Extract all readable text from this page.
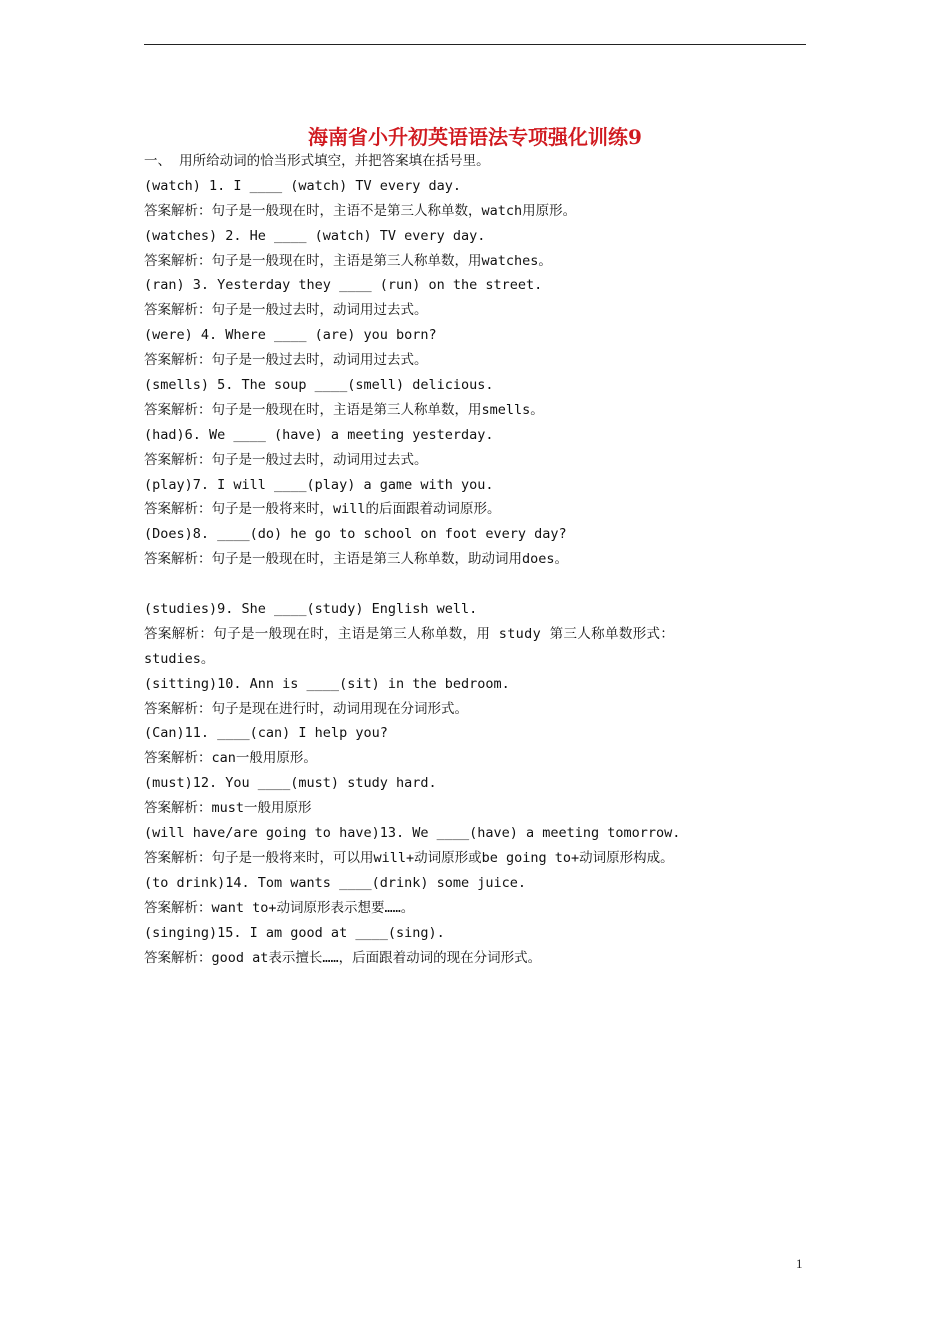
海南省小升初英语语法专项强化训练9
一、 用所给动词的恰当形式填空，并把答案填在括号里。
(watch) 1. I ____ (watch) TV every day.
答案解析：句子是一般现在时，主语不是第三人称单数，watch用原形。
(watches) 2. He ____ (watch) TV every day.
答案解析：句子是一般现在时，主语是第三人称单数，用watches。
(ran) 3. Yesterday they ____ (run) on the street.
答案解析：句子是一般过去时，动词用过去式。
(were) 4. Where ____ (are) you born?
答案解析：句子是一般过去时，动词用过去式。
(smells) 5. The soup ____(smell) delicious.
答案解析：句子是一般现在时，主语是第三人称单数，用smells。
(had)6. We ____ (have) a meeting yesterday.
答案解析：句子是一般过去时，动词用过去式。
(play)7. I will ____(play) a game with you.
答案解析：句子是一般将来时，will的后面跟着动词原形。
(Does)8. ____(do) he go to school on foot every day?
答案解析：句子是一般现在时，主语是第三人称单数，助动词用does。
(studies)9. She ____(study) English well.
答案解析：句子是一般现在时，主语是第三人称单数，用 study 第三人称单数形式：
studies。
(sitting)10. Ann is ____(sit) in the bedroom.
答案解析：句子是现在进行时，动词用现在分词形式。
(Can)11. ____(can) I help you?
答案解析：can一般用原形。
(must)12. You ____(must) study hard.
答案解析：must一般用原形
(will have/are going to have)13. We ____(have) a meeting tomorrow.
答案解析：句子是一般将来时，可以用will+动词原形或be going to+动词原形构成。
(to drink)14. Tom wants ____(drink) some juice.
答案解析：want to+动词原形表示想要……。
(singing)15. I am good at ____(sing).
答案解析：good at表示擅长……，后面跟着动词的现在分词形式。
1
